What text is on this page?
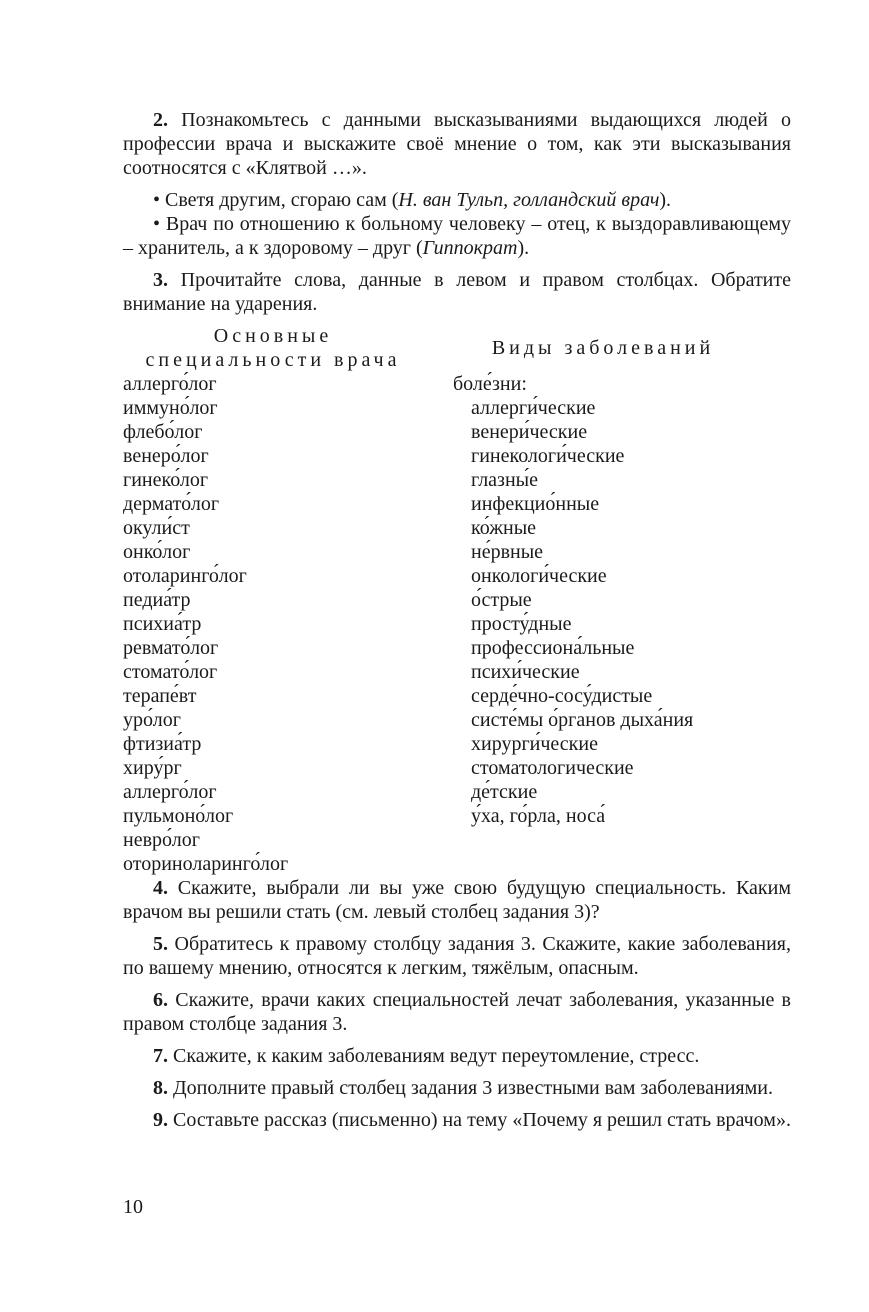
2. Познакомьтесь с данными высказываниями выдающихся людей о профессии врача и выскажите своё мнение о том, как эти высказывания соотносятся с «Клятвой …».

• Светя другим, сгораю сам (Н. ван Тульп, голландский врач).

• Врач по отношению к больному человеку – отец, к выздоравливающему – хранитель, а к здоровому – друг (Гиппократ).

3. Прочитайте слова, данные в левом и правом столбцах. Обратите внимание на ударения.

Основные
специальности врача
Виды заболеваний
аллерго́лог
иммуно́лог
флебо́лог
венеро́лог
гинеко́лог
дермато́лог
окули́ст
онко́лог
отоларинго́лог
педиа́тр
психиа́тр
ревмато́лог
стомато́лог
терапе́вт
уро́лог
фтизиа́тр
хиру́рг
аллерго́лог
пульмоно́лог
невро́лог
оториноларинго́лог
боле́зни:
аллерги́ческие
венери́ческие
гинекологи́ческие
глазны́е
инфекцио́нные
ко́жные
не́рвные
онкологи́ческие
о́стрые
просту́дные
профессиона́льные
психи́ческие
серде́чно-сосу́дистые
систе́мы о́рганов дыха́ния
хирурги́ческие
стоматологические
де́тские
у́ха, го́рла, носа́

4. Скажите, выбрали ли вы уже свою будущую специальность. Каким врачом вы решили стать (см. левый столбец задания 3)?

5. Обратитесь к правому столбцу задания 3. Скажите, какие заболевания, по вашему мнению, относятся к легким, тяжёлым, опасным.

6. Скажите, врачи каких специальностей лечат заболевания, указанные в правом столбце задания 3.

7. Скажите, к каким заболеваниям ведут переутомление, стресс.

8. Дополните правый столбец задания 3 известными вам заболеваниями.

9. Составьте рассказ (письменно) на тему «Почему я решил стать врачом».

10
